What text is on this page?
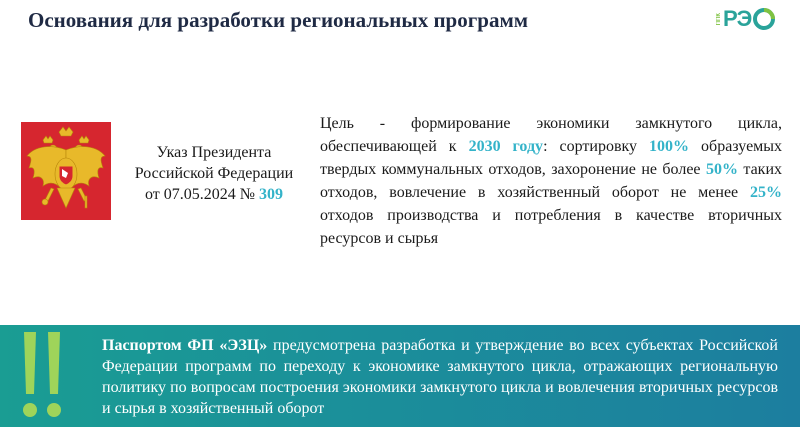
Основания для разработки региональных программ	ППК РЭ
Указ Президента
Российской Федерации
от 07.05.2024 № 309
Цель - формирование экономики замкнутого цикла, обеспечивающей к 2030 году: сортировку 100% образуемых твердых коммунальных отходов, захоронение не более 50% таких отходов, вовлечение в хозяйственный оборот не менее 25% отходов производства и потребления в качестве вторичных ресурсов и сырья
Паспортом ФП «ЭЗЦ» предусмотрена разработка и утверждение во всех субъектах Российской Федерации программ по переходу к экономике замкнутого цикла, отражающих региональную политику по вопросам построения экономики замкнутого цикла и вовлечения вторичных ресурсов и сырья в хозяйственный оборот
